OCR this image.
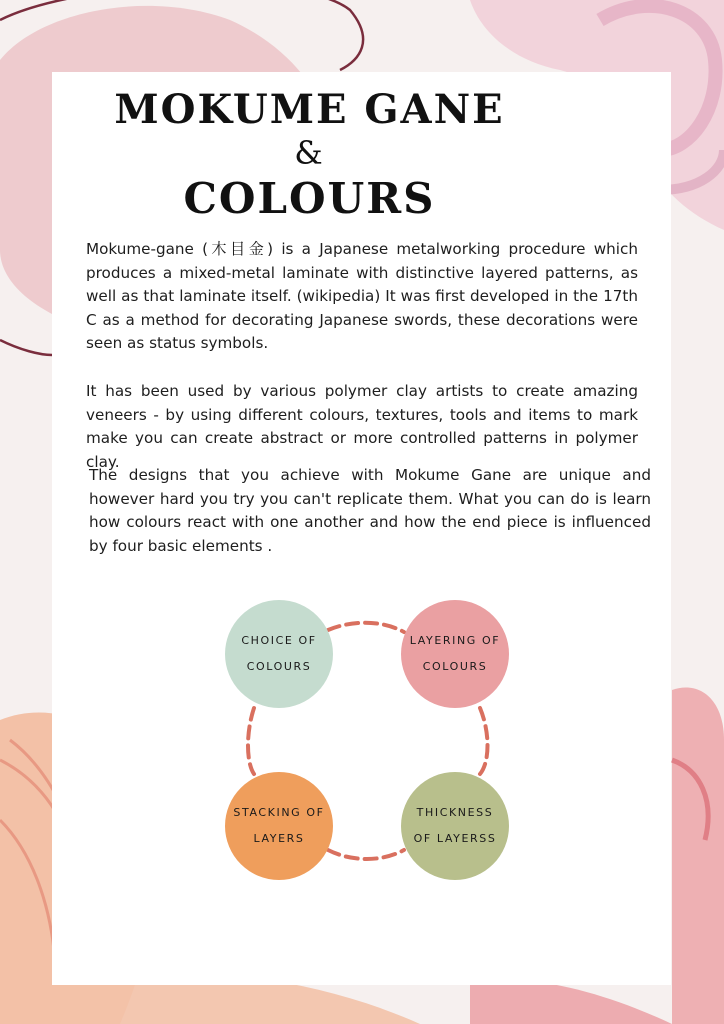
MOKUME GANE
&
COLOURS

Mokume-gane (木目金) is a Japanese metalworking procedure which produces a mixed-metal laminate with distinctive layered patterns, as well as that laminate itself. (wikipedia) It was first developed in the 17th C as a method for decorating Japanese swords, these decorations were seen as status symbols.

It has been used by various polymer clay artists to create amazing veneers - by using different colours, textures, tools and items to mark make you can create abstract or more controlled patterns in polymer clay.

The designs that you achieve with Mokume Gane are unique and however hard you try you can't replicate them. What you can do is learn how colours react with one another and how the end piece is influenced by four basic elements .

CHOICE OF COLOURS
LAYERING OF COLOURS
STACKING OF LAYERS
THICKNESS OF LAYERSS
